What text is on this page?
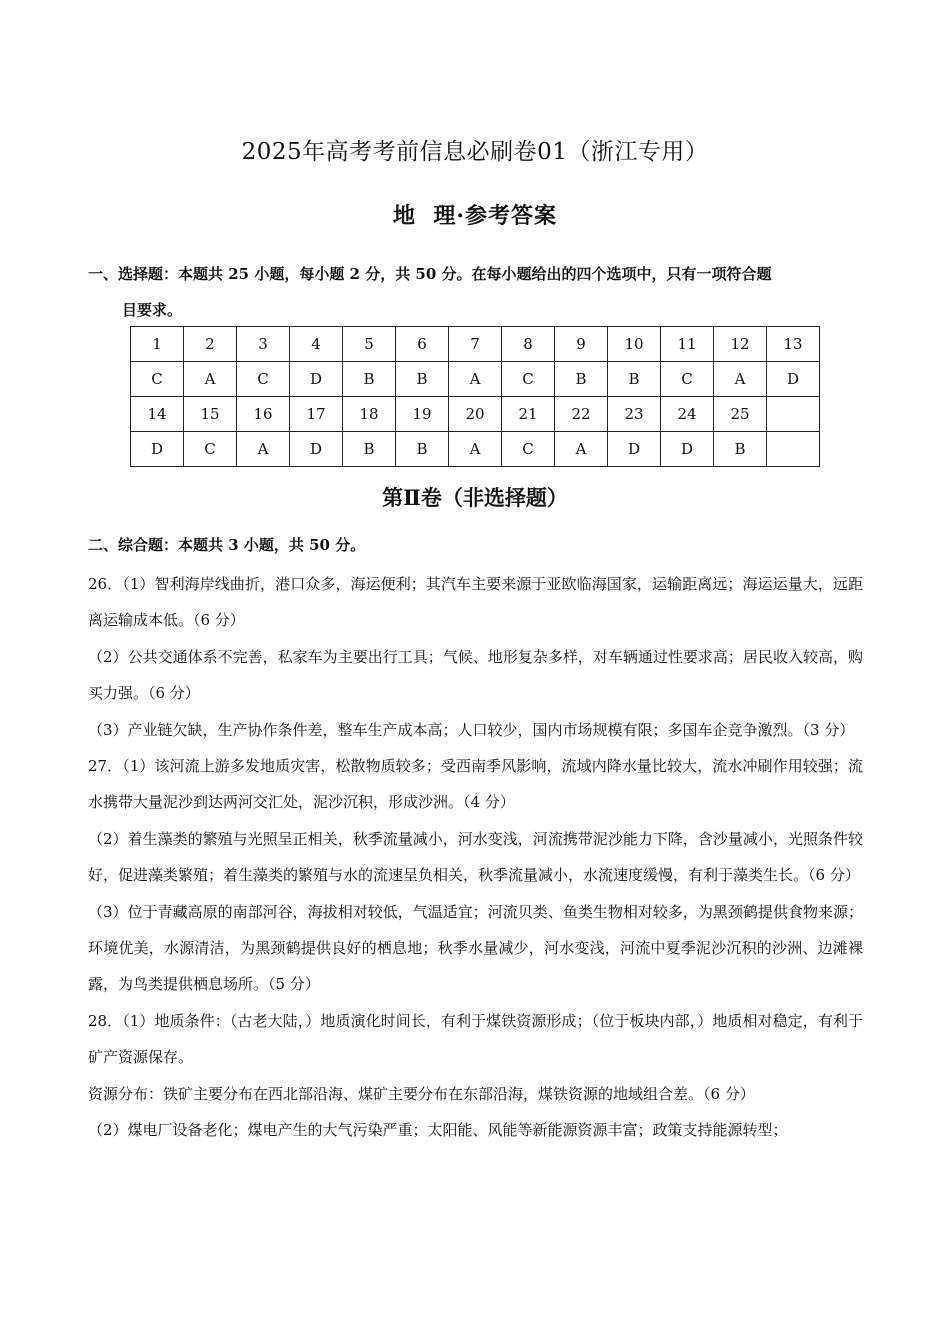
2025年高考考前信息必刷卷01（浙江专用）
地  理·参考答案
一、选择题：本题共 25 小题，每小题 2 分，共 50 分。在每小题给出的四个选项中，只有一项符合题
目要求。
1	2	3	4	5	6	7	8	9	10	11	12	13
C	A	C	D	B	B	A	C	B	B	C	A	D
14	15	16	17	18	19	20	21	22	23	24	25	
D	C	A	D	B	B	A	C	A	D	D	B	
第Ⅱ卷（非选择题）
二、综合题：本题共 3 小题，共 50 分。

26．（1）智利海岸线曲折，港口众多，海运便利；其汽车主要来源于亚欧临海国家，运输距离远；海运运量大，远距离运输成本低。（6 分）

（2）公共交通体系不完善，私家车为主要出行工具；气候、地形复杂多样，对车辆通过性要求高；居民收入较高，购买力强。（6 分）

（3）产业链欠缺，生产协作条件差，整车生产成本高；人口较少，国内市场规模有限；多国车企竞争激烈。（3 分）

27．（1）该河流上游多发地质灾害，松散物质较多；受西南季风影响，流域内降水量比较大，流水冲刷作用较强；流水携带大量泥沙到达两河交汇处，泥沙沉积，形成沙洲。（4 分）

（2）着生藻类的繁殖与光照呈正相关，秋季流量减小，河水变浅，河流携带泥沙能力下降，含沙量减小，光照条件较好，促进藻类繁殖；着生藻类的繁殖与水的流速呈负相关，秋季流量减小，水流速度缓慢，有利于藻类生长。（6 分）

（3）位于青藏高原的南部河谷，海拔相对较低，气温适宜；河流贝类、鱼类生物相对较多，为黑颈鹤提供食物来源；环境优美，水源清洁，为黑颈鹤提供良好的栖息地；秋季水量减少，河水变浅，河流中夏季泥沙沉积的沙洲、边滩裸露，为鸟类提供栖息场所。（5 分）

28．（1）地质条件：（古老大陆，）地质演化时间长，有利于煤铁资源形成；（位于板块内部，）地质相对稳定，有利于矿产资源保存。

资源分布：铁矿主要分布在西北部沿海、煤矿主要分布在东部沿海，煤铁资源的地域组合差。（6 分）

（2）煤电厂设备老化；煤电产生的大气污染严重；太阳能、风能等新能源资源丰富；政策支持能源转型；
